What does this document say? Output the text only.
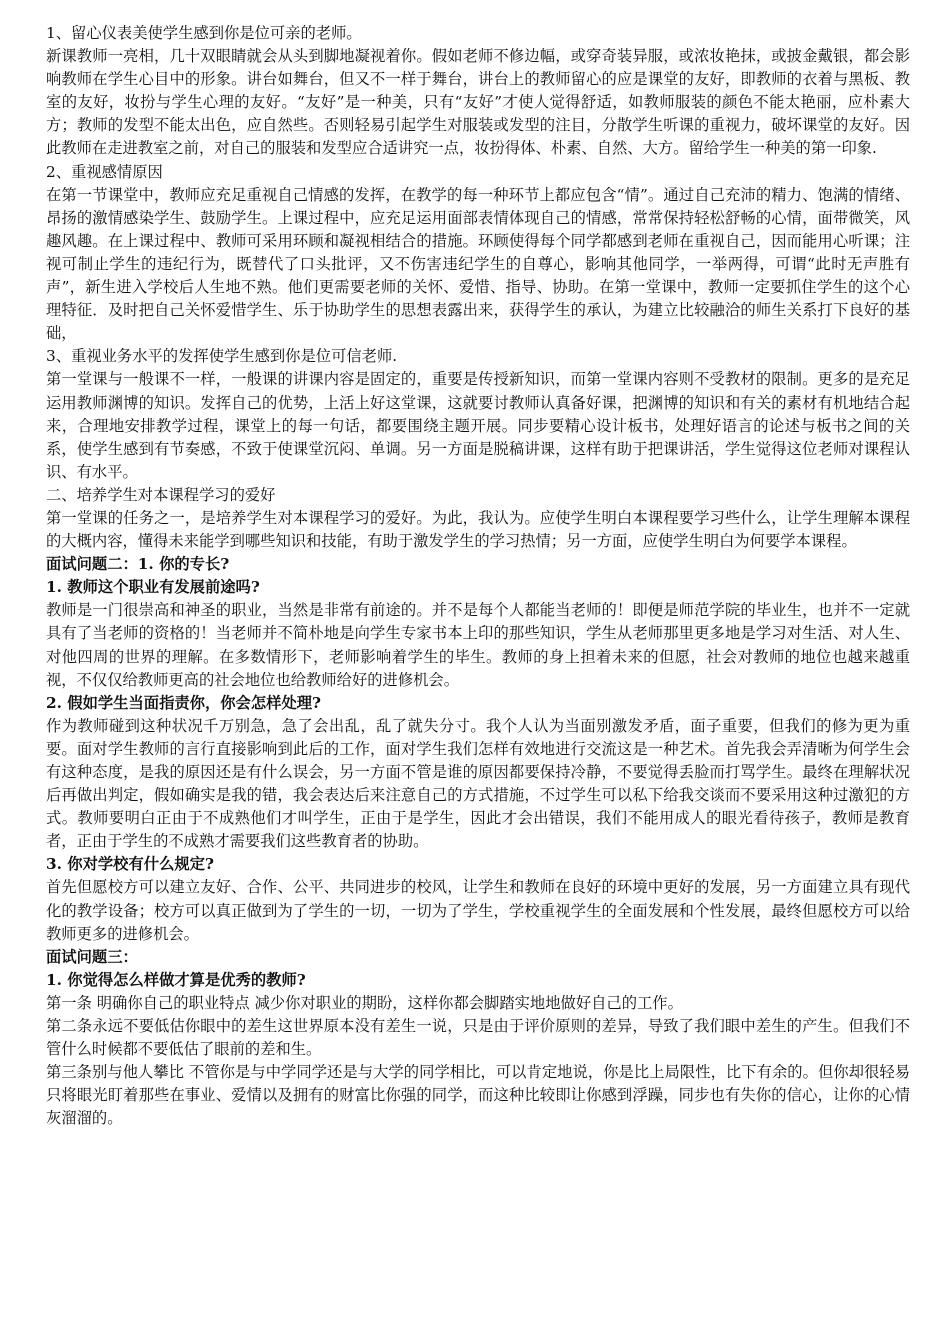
1、留心仪表美使学生感到你是位可亲的老师。

新课教师一亮相，几十双眼睛就会从头到脚地凝视着你。假如老师不修边幅，或穿奇装异服，或浓妆艳抹，或披金戴银，都会影响教师在学生心目中的形象。讲台如舞台，但又不一样于舞台，讲台上的教师留心的应是课堂的友好，即教师的衣着与黑板、教室的友好，妆扮与学生心理的友好。“友好”是一种美，只有“友好”才使人觉得舒适，如教师服装的颜色不能太艳丽，应朴素大方；教师的发型不能太出色，应自然些。否则轻易引起学生对服装或发型的注目，分散学生听课的重视力，破坏课堂的友好。因此教师在走进教室之前，对自己的服装和发型应合适讲究一点，妆扮得体、朴素、自然、大方。留给学生一种美的第一印象.

2、重视感情原因

在第一节课堂中，教师应充足重视自己情感的发挥，在教学的每一种环节上都应包含“情”。通过自己充沛的精力、饱满的情绪、昂扬的激情感染学生、鼓励学生。上课过程中，应充足运用面部表情体现自己的情感，常常保持轻松舒畅的心情，面带微笑，风趣风趣。在上课过程中、教师可采用环顾和凝视相结合的措施。环顾使得每个同学都感到老师在重视自己，因而能用心听课；注视可制止学生的违纪行为，既替代了口头批评，又不伤害违纪学生的自尊心，影响其他同学，一举两得，可谓“此时无声胜有声”，新生进入学校后人生地不熟。他们更需要老师的关怀、爱惜、指导、协助。在第一堂课中，教师一定要抓住学生的这个心理特征．及时把自己关怀爱惜学生、乐于协助学生的思想表露出来，获得学生的承认，为建立比较融洽的师生关系打下良好的基础，

3、重视业务水平的发挥使学生感到你是位可信老师.

第一堂课与一般课不一样，一般课的讲课内容是固定的，重要是传授新知识，而第一堂课内容则不受教材的限制。更多的是充足运用教师渊博的知识。发挥自己的优势，上活上好这堂课，这就要讨教师认真备好课，把渊博的知识和有关的素材有机地结合起来，合理地安排教学过程，课堂上的每一句话，都要围绕主题开展。同步要精心设计板书，处理好语言的论述与板书之间的关系，使学生感到有节奏感，不致于使课堂沉闷、单调。另一方面是脱稿讲课，这样有助于把课讲活，学生觉得这位老师对课程认识、有水平。

二、培养学生对本课程学习的爱好

第一堂课的任务之一，是培养学生对本课程学习的爱好。为此，我认为。应使学生明白本课程要学习些什么，让学生理解本课程的大概内容，懂得未来能学到哪些知识和技能，有助于激发学生的学习热情；另一方面，应使学生明白为何要学本课程。

面试问题二：1. 你的专长?

1. 教师这个职业有发展前途吗?

教师是一门很崇高和神圣的职业，当然是非常有前途的。并不是每个人都能当老师的！即便是师范学院的毕业生，也并不一定就具有了当老师的资格的！当老师并不简朴地是向学生专家书本上印的那些知识，学生从老师那里更多地是学习对生活、对人生、对他四周的世界的理解。在多数情形下，老师影响着学生的毕生。教师的身上担着未来的但愿，社会对教师的地位也越来越重视，不仅仅给教师更高的社会地位也给教师给好的进修机会。

2. 假如学生当面指责你，你会怎样处理?

作为教师碰到这种状况千万别急，急了会出乱，乱了就失分寸。我个人认为当面别激发矛盾，面子重要，但我们的修为更为重要。面对学生教师的言行直接影响到此后的工作，面对学生我们怎样有效地进行交流这是一种艺术。首先我会弄清晰为何学生会有这种态度，是我的原因还是有什么误会，另一方面不管是谁的原因都要保持冷静，不要觉得丢脸而打骂学生。最终在理解状况后再做出判定，假如确实是我的错，我会表达后来注意自己的方式措施，不过学生可以私下给我交谈而不要采用这种过激犯的方式。教师要明白正由于不成熟他们才叫学生，正由于是学生，因此才会出错误，我们不能用成人的眼光看待孩子，教师是教育者，正由于学生的不成熟才需要我们这些教育者的协助。

3. 你对学校有什么规定?

首先但愿校方可以建立友好、合作、公平、共同进步的校风，让学生和教师在良好的环境中更好的发展，另一方面建立具有现代化的教学设备；校方可以真正做到为了学生的一切，一切为了学生，学校重视学生的全面发展和个性发展，最终但愿校方可以给教师更多的进修机会。

面试问题三：

1. 你觉得怎么样做才算是优秀的教师?

第一条 明确你自己的职业特点 减少你对职业的期盼，这样你都会脚踏实地地做好自己的工作。

第二条永远不要低估你眼中的差生这世界原本没有差生一说，只是由于评价原则的差异，导致了我们眼中差生的产生。但我们不管什么时候都不要低估了眼前的差和生。

第三条别与他人攀比 不管你是与中学同学还是与大学的同学相比，可以肯定地说，你是比上局限性，比下有余的。但你却很轻易只将眼光盯着那些在事业、爱情以及拥有的财富比你强的同学，而这种比较即让你感到浮躁，同步也有失你的信心，让你的心情灰溜溜的。
